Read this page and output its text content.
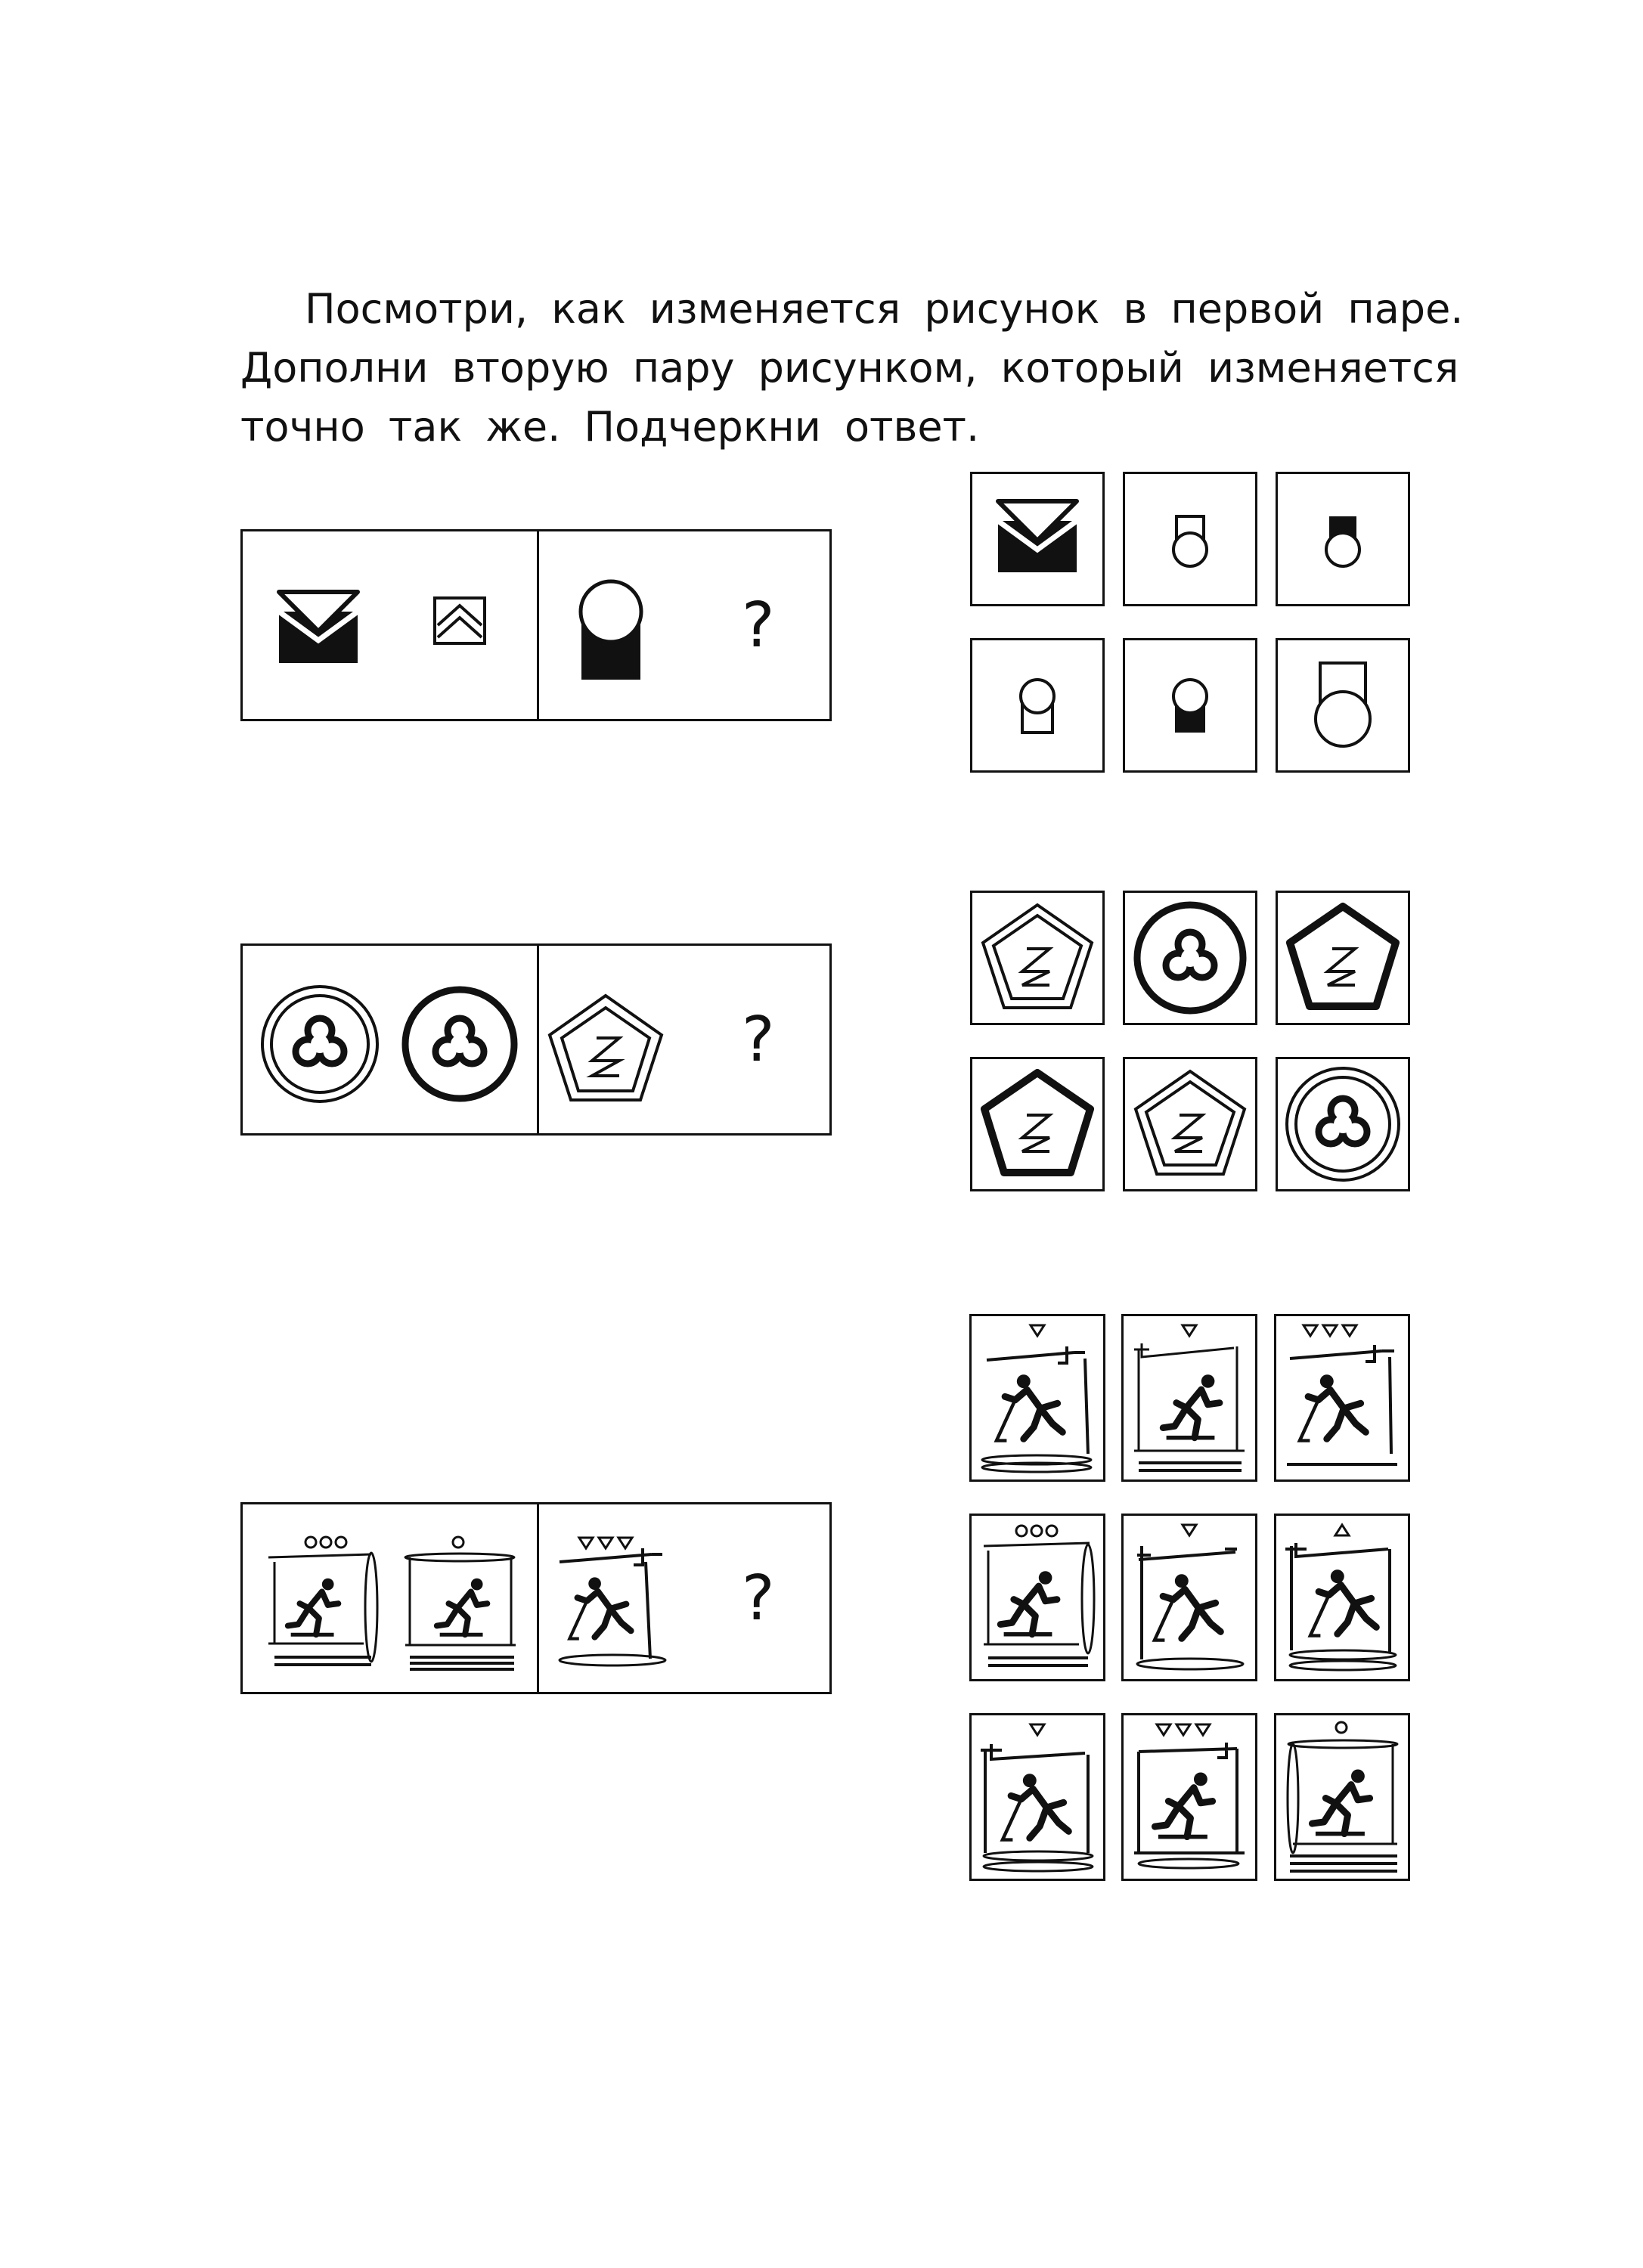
Посмотри, как изменяется рисунок в первой паре.
Дополни вторую пару рисунком, который изменяется
точно так же. Подчеркни ответ.
?
?
?
